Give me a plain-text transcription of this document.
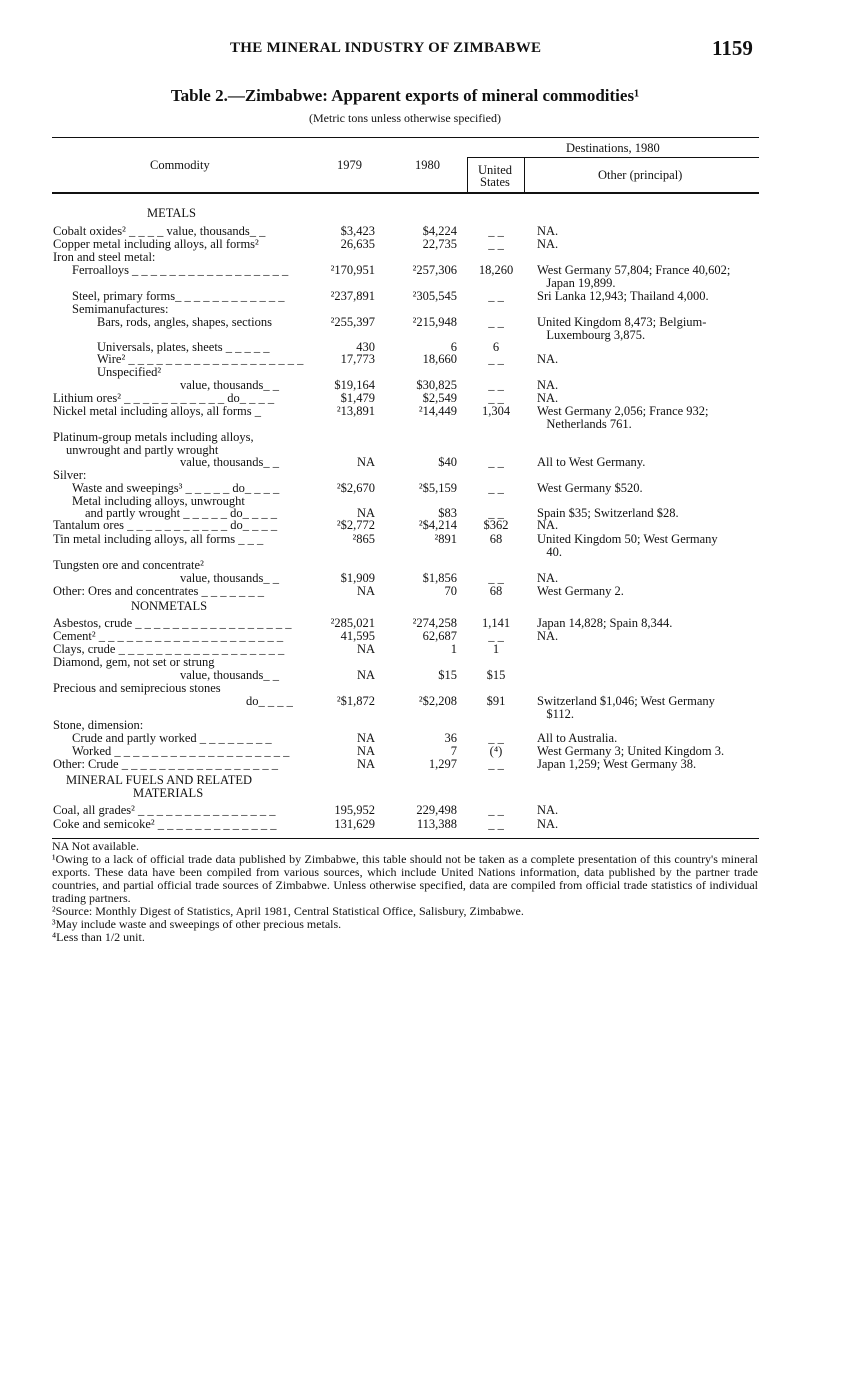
THE MINERAL INDUSTRY OF ZIMBABWE	1159
Table 2.—Zimbabwe: Apparent exports of mineral commodities¹
(Metric tons unless otherwise specified)
Commodity	1979	1980
Destinations, 1980
United
States	Other (principal)
METALS
Cobalt oxides² _ _ _ _ value, thousands_ _	$3,423	$4,224	_ _	NA.
Copper metal including alloys, all forms²	26,635	22,735	_ _	NA.
Iron and steel metal:
Ferroalloys _ _ _ _ _ _ _ _ _ _ _ _ _ _ _ _ _	²170,951	²257,306	18,260	West Germany 57,804; France 40,602;
Japan 19,899.
Steel, primary forms_ _ _ _ _ _ _ _ _ _ _ _	²237,891	²305,545	_ _	Sri Lanka 12,943; Thailand 4,000.
Semimanufactures:
Bars, rods, angles, shapes, sections	²255,397	²215,948	_ _	United Kingdom 8,473; Belgium-
Luxembourg 3,875.
Universals, plates, sheets _ _ _ _ _	430	6	6
Wire² _ _ _ _ _ _ _ _ _ _ _ _ _ _ _ _ _ _ _	17,773	18,660	_ _	NA.
Unspecified²
value, thousands_ _	$19,164	$30,825	_ _	NA.
Lithium ores² _ _ _ _ _ _ _ _ _ _ _ do_ _ _ _	$1,479	$2,549	_ _	NA.
Nickel metal including alloys, all forms _	²13,891	²14,449	1,304	West Germany 2,056; France 932;
Netherlands 761.
Platinum-group metals including alloys,
unwrought and partly wrought
value, thousands_ _	NA	$40	_ _	All to West Germany.
Silver:
Waste and sweepings³ _ _ _ _ _ do_ _ _ _	²$2,670	²$5,159	_ _	West Germany $520.
Metal including alloys, unwrought
and partly wrought _ _ _ _ _ do_ _ _ _	NA	$83	_ _	Spain $35; Switzerland $28.
Tantalum ores _ _ _ _ _ _ _ _ _ _ _ do_ _ _ _	²$2,772	²$4,214	$362	NA.
Tin metal including alloys, all forms _ _ _	²865	²891	68	United Kingdom 50; West Germany
40.
Tungsten ore and concentrate²
value, thousands_ _	$1,909	$1,856	_ _	NA.
Other: Ores and concentrates _ _ _ _ _ _ _	NA	70	68	West Germany 2.
NONMETALS
Asbestos, crude _ _ _ _ _ _ _ _ _ _ _ _ _ _ _ _ _	²285,021	²274,258	1,141	Japan 14,828; Spain 8,344.
Cement² _ _ _ _ _ _ _ _ _ _ _ _ _ _ _ _ _ _ _ _	41,595	62,687	_ _	NA.
Clays, crude _ _ _ _ _ _ _ _ _ _ _ _ _ _ _ _ _ _	NA	1	1
Diamond, gem, not set or strung
value, thousands_ _	NA	$15	$15
Precious and semiprecious stones
do_ _ _ _	²$1,872	²$2,208	$91	Switzerland $1,046; West Germany
$112.
Stone, dimension:
Crude and partly worked _ _ _ _ _ _ _ _	NA	36	_ _	All to Australia.
Worked _ _ _ _ _ _ _ _ _ _ _ _ _ _ _ _ _ _ _	NA	7	(⁴)	West Germany 3; United Kingdom 3.
Other: Crude _ _ _ _ _ _ _ _ _ _ _ _ _ _ _ _ _	NA	1,297	_ _	Japan 1,259; West Germany 38.
MINERAL FUELS AND RELATED
MATERIALS
Coal, all grades² _ _ _ _ _ _ _ _ _ _ _ _ _ _ _	195,952	229,498	_ _	NA.
Coke and semicoke² _ _ _ _ _ _ _ _ _ _ _ _ _	131,629	113,388	_ _	NA.
NA Not available.
¹Owing to a lack of official trade data published by Zimbabwe, this table should not be taken as a complete presentation of this country's mineral exports. These data have been compiled from various sources, which include United Nations information, data published by the partner trade countries, and partial official trade sources of Zimbabwe. Unless otherwise specified, data are compiled from official trade statistics of individual trading partners.
²Source: Monthly Digest of Statistics, April 1981, Central Statistical Office, Salisbury, Zimbabwe.
³May include waste and sweepings of other precious metals.
⁴Less than 1/2 unit.
